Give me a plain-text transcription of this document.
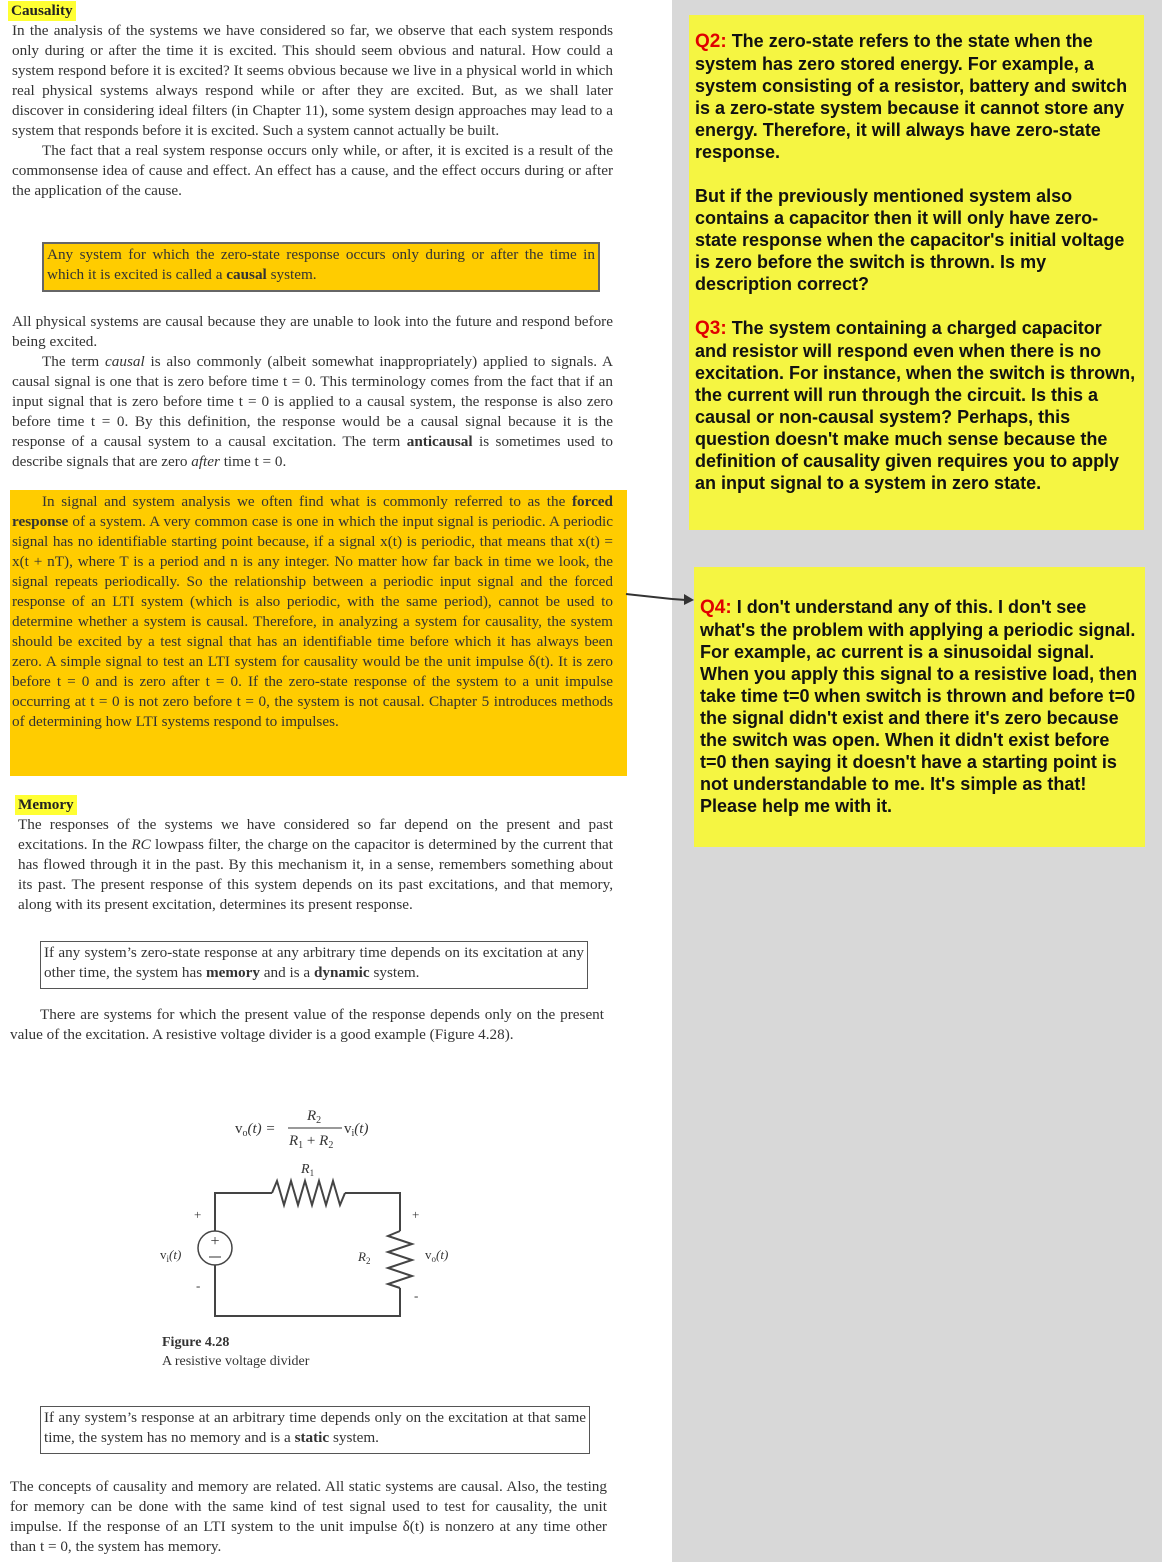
Causality

In the analysis of the systems we have considered so far, we observe that each system responds only during or after the time it is excited. This should seem obvious and natural. How could a system respond before it is excited? It seems obvious because we live in a physical world in which real physical systems always respond while or after they are excited. But, as we shall later discover in considering ideal filters (in Chapter 11), some system design approaches may lead to a system that responds before it is excited. Such a system cannot actually be built.
The fact that a real system response occurs only while, or after, it is excited is a result of the commonsense idea of cause and effect. An effect has a cause, and the effect occurs during or after the application of the cause.

Any system for which the zero-state response occurs only during or after the time in which it is excited is called a causal system.

All physical systems are causal because they are unable to look into the future and respond before being excited.
The term causal is also commonly (albeit somewhat inappropriately) applied to signals. A causal signal is one that is zero before time t = 0. This terminology comes from the fact that if an input signal that is zero before time t = 0 is applied to a causal system, the response is also zero before time t = 0. By this definition, the response would be a causal signal because it is the response of a causal system to a causal excitation. The term anticausal is sometimes used to describe signals that are zero after time t = 0.

In signal and system analysis we often find what is commonly referred to as the forced response of a system. A very common case is one in which the input signal is periodic. A periodic signal has no identifiable starting point because, if a signal x(t) is periodic, that means that x(t) = x(t + nT), where T is a period and n is any integer. No matter how far back in time we look, the signal repeats periodically. So the relationship between a periodic input signal and the forced response of an LTI system (which is also periodic, with the same period), cannot be used to determine whether a system is causal. Therefore, in analyzing a system for causality, the system should be excited by a test signal that has an identifiable time before which it has always been zero. A simple signal to test an LTI system for causality would be the unit impulse δ(t). It is zero before t = 0 and is zero after t = 0. If the zero-state response of the system to a unit impulse occurring at t = 0 is not zero before t = 0, the system is not causal. Chapter 5 introduces methods of determining how LTI systems respond to impulses.

Memory

The responses of the systems we have considered so far depend on the present and past excitations. In the RC lowpass filter, the charge on the capacitor is determined by the current that has flowed through it in the past. By this mechanism it, in a sense, remembers something about its past. The present response of this system depends on its past excitations, and that memory, along with its present excitation, determines its present response.

If any system’s zero-state response at any arbitrary time depends on its excitation at any other time, the system has memory and is a dynamic system.

There are systems for which the present value of the response depends only on the present value of the excitation. A resistive voltage divider is a good example (Figure 4.28).

$v_o(t)$ =
$R_2$
$R_1 + R_2$
$v_i(t)$
$R_1$
+
+
-
+
-
$v_i(t)$	$R_2$	$v_o(t)$
Figure 4.28
A resistive voltage divider
If any system’s response at an arbitrary time depends only on the excitation at that same time, the system has no memory and is a static system.

The concepts of causality and memory are related. All static systems are causal. Also, the testing for memory can be done with the same kind of test signal used to test for causality, the unit impulse. If the response of an LTI system to the unit impulse δ(t) is nonzero at any time other than t = 0, the system has memory.

Q2: The zero-state refers to the state when the system has zero stored energy. For example, a system consisting of a resistor, battery and switch is a zero-state system because it cannot store any energy. Therefore, it will always have zero-state response.

But if the previously mentioned system also contains a capacitor then it will only have zero-state response when the capacitor's initial voltage is zero before the switch is thrown. Is my description correct?

Q3: The system containing a charged capacitor and resistor will respond even when there is no excitation. For instance, when the switch is thrown, the current will run through the circuit. Is this a causal or non-causal system? Perhaps, this question doesn't make much sense because the definition of causality given requires you to apply an input signal to a system in zero state.

Q4: I don't understand any of this. I don't see what's the problem with applying a periodic signal. For example, ac current is a sinusoidal signal. When you apply this signal to a resistive load, then take time t=0 when switch is thrown and before t=0 the signal didn't exist and there it's zero because the switch was open. When it didn't exist before t=0 then saying it doesn't have a starting point is not understandable to me. It's simple as that! Please help me with it.
